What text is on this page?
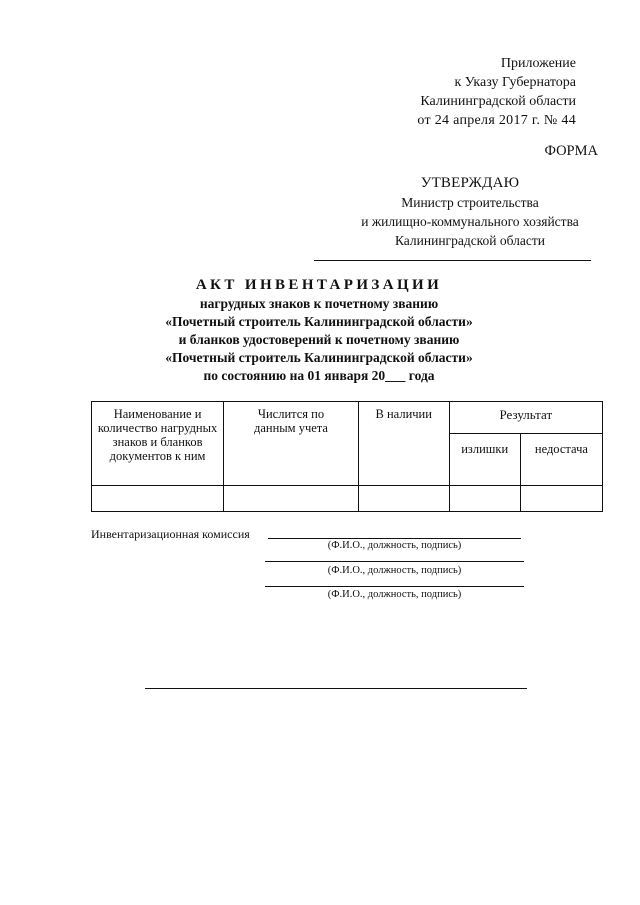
Приложение
к Указу Губернатора
Калининградской области
от 24 апреля 2017 г. № 44
ФОРМА
УТВЕРЖДАЮ
Министр строительства
и жилищно-коммунального хозяйства
Калининградской области
АКТ ИНВЕНТАРИЗАЦИИ
нагрудных знаков к почетному званию
«Почетный строитель Калининградской области»
и бланков удостоверений к почетному званию
«Почетный строитель Калининградской области»
по состоянию на 01 января 20___ года
Наименование и количество нагрудных знаков и бланков документов к ним	Числится по данным учета	В наличии	Результат	
			излишки	недостача

Инвентаризационная комиссия
(Ф.И.О., должность, подпись)
(Ф.И.О., должность, подпись)
(Ф.И.О., должность, подпись)
